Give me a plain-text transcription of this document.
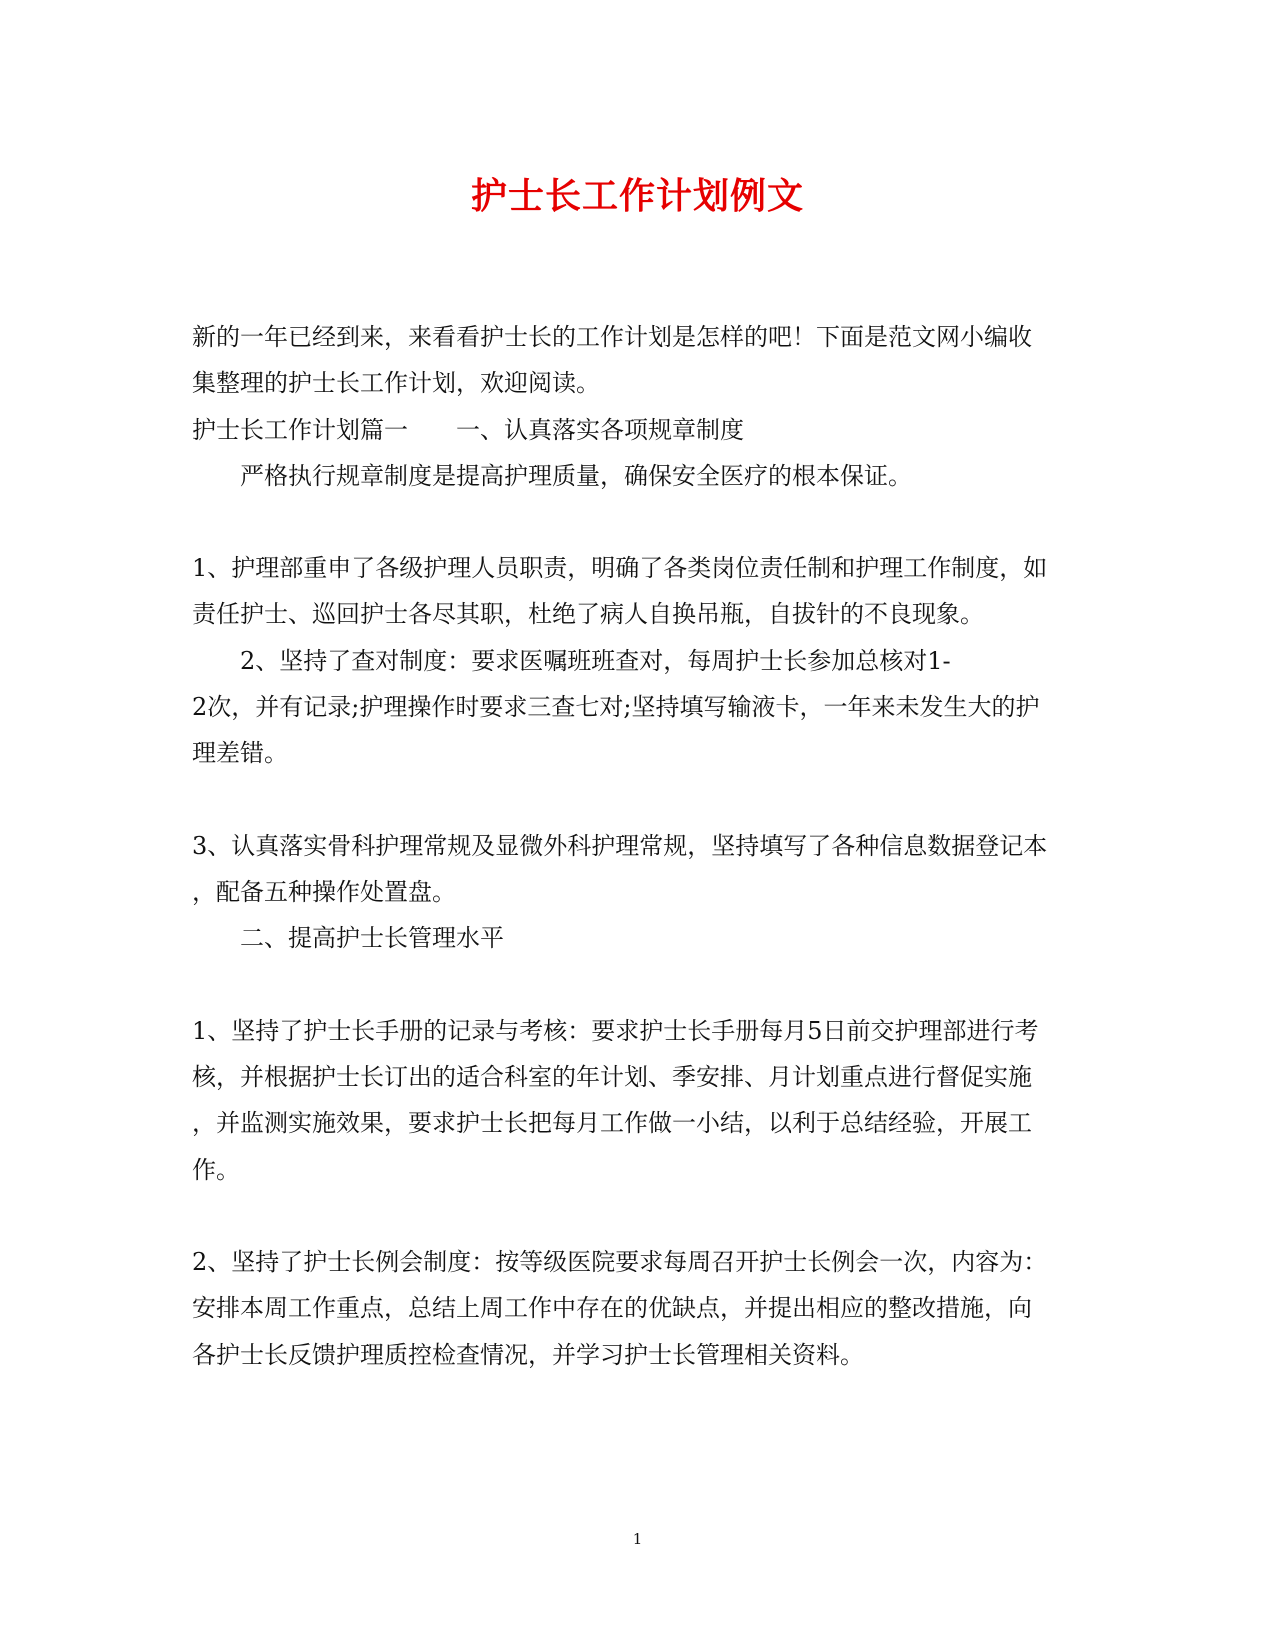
护士长工作计划例文
新的一年已经到来，来看看护士长的工作计划是怎样的吧！下面是范文网小编收
集整理的护士长工作计划，欢迎阅读。
护士长工作计划篇一　　一、认真落实各项规章制度
　　严格执行规章制度是提高护理质量，确保安全医疗的根本保证。
1、护理部重申了各级护理人员职责，明确了各类岗位责任制和护理工作制度，如
责任护士、巡回护士各尽其职，杜绝了病人自换吊瓶，自拔针的不良现象。
　　2、坚持了查对制度：要求医嘱班班查对，每周护士长参加总核对1-
2次，并有记录;护理操作时要求三查七对;坚持填写输液卡，一年来未发生大的护
理差错。
3、认真落实骨科护理常规及显微外科护理常规，坚持填写了各种信息数据登记本
，配备五种操作处置盘。
　　二、提高护士长管理水平
1、坚持了护士长手册的记录与考核：要求护士长手册每月5日前交护理部进行考
核，并根据护士长订出的适合科室的年计划、季安排、月计划重点进行督促实施
，并监测实施效果，要求护士长把每月工作做一小结，以利于总结经验，开展工
作。
2、坚持了护士长例会制度：按等级医院要求每周召开护士长例会一次，内容为：
安排本周工作重点，总结上周工作中存在的优缺点，并提出相应的整改措施，向
各护士长反馈护理质控检查情况，并学习护士长管理相关资料。
1
